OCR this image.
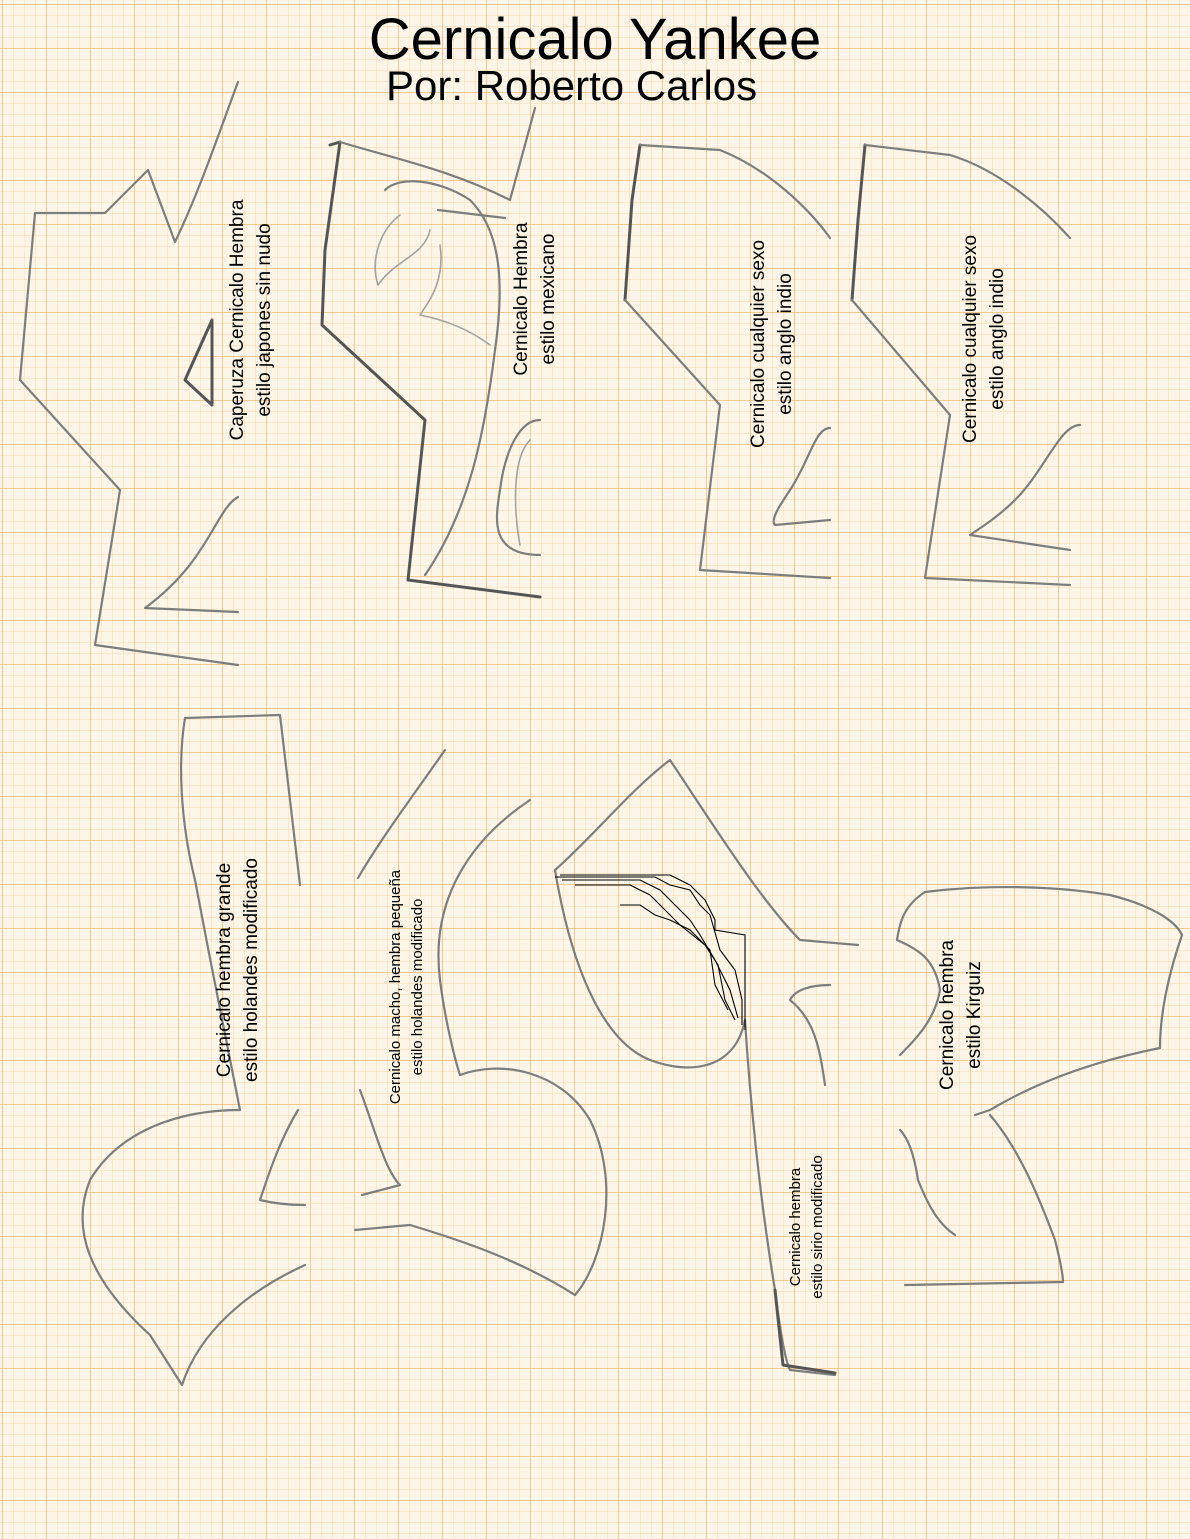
Cernicalo Yankee
Por: Roberto Carlos
Caperuza Cernicalo Hembra estilo japones sin nudo	Cernicalo Hembra estilo mexicano	Cernicalo cualquier sexo estilo anglo indio	Cernicalo cualquier sexo estilo anglo indio
Cernicalo hembra grande estilo holandes modificado	Cernicalo macho, hembra pequeña estilo holandes modificado
Cernicalo hembra estilo sirio modificado
Cernicalo hembra estilo Kirguiz
